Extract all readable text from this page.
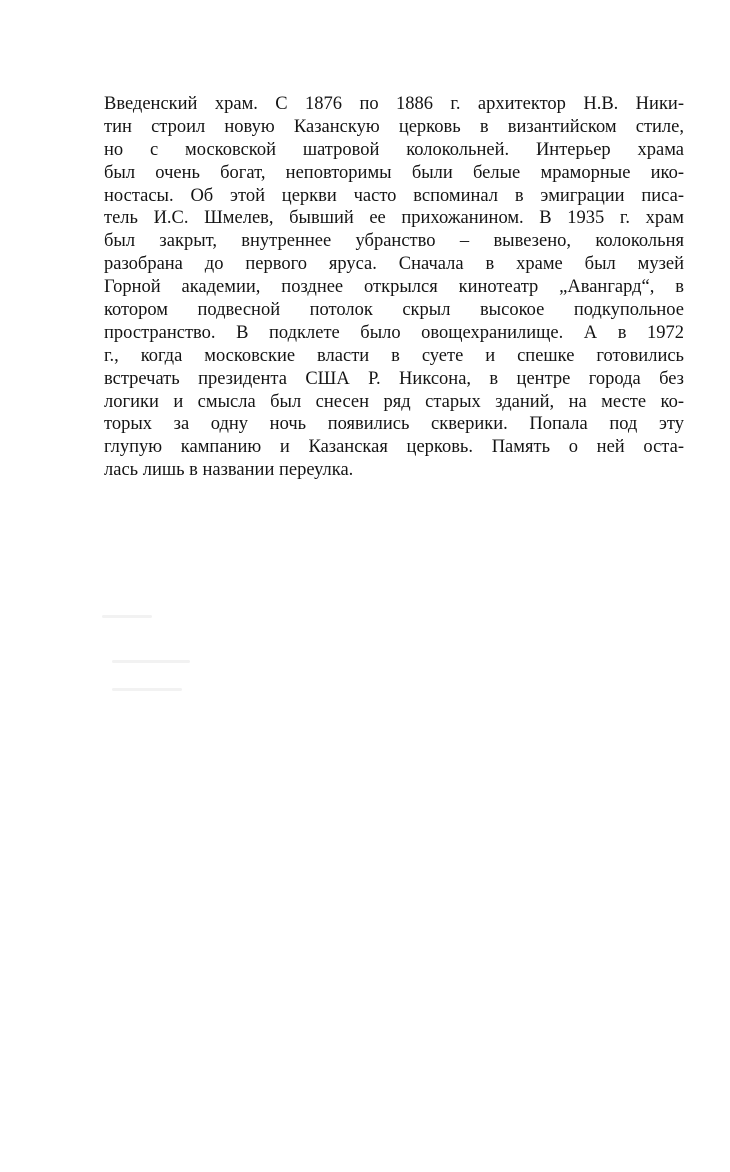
Введенский храм. С 1876 по 1886 г. архитектор Н.В. Ники-
тин строил новую Казанскую церковь в византийском стиле,
но с московской шатровой колокольней. Интерьер храма
был очень богат, неповторимы были белые мраморные ико-
ностасы. Об этой церкви часто вспоминал в эмиграции писа-
тель И.С. Шмелев, бывший ее прихожанином. В 1935 г. храм
был закрыт, внутреннее убранство – вывезено, колокольня
разобрана до первого яруса. Сначала в храме был музей
Горной академии, позднее открылся кинотеатр „Авангард“, в
котором подвесной потолок скрыл высокое подкупольное
пространство. В подклете было овощехранилище. А в 1972
г., когда московские власти в суете и спешке готовились
встречать президента США Р. Никсона, в центре города без
логики и смысла был снесен ряд старых зданий, на месте ко-
торых за одну ночь появились скверики. Попала под эту
глупую кампанию и Казанская церковь. Память о ней оста-
лась лишь в названии переулка.
